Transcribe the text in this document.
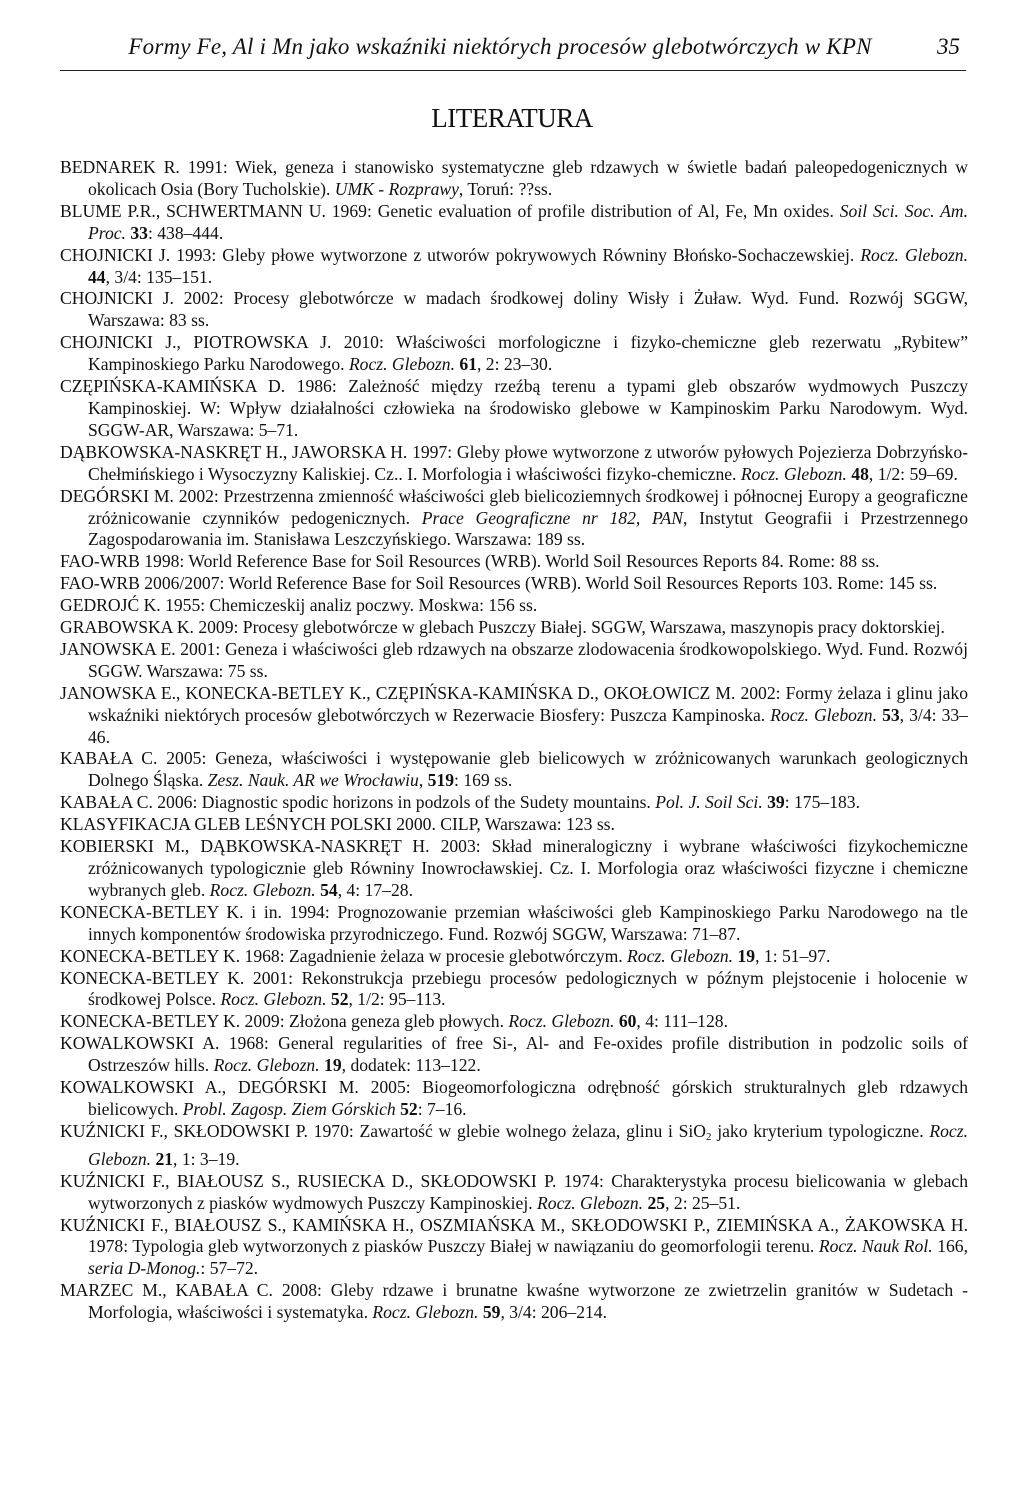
Formy Fe, Al i Mn jako wskaźniki niektórych procesów glebotwórczych w KPN	35
LITERATURA
BEDNAREK R. 1991: Wiek, geneza i stanowisko systematyczne gleb rdzawych w świetle badań paleopedogenicznych w okolicach Osia (Bory Tucholskie). UMK - Rozprawy, Toruń: ??ss.
BLUME P.R., SCHWERTMANN U. 1969: Genetic evaluation of profile distribution of Al, Fe, Mn oxides. Soil Sci. Soc. Am. Proc. 33: 438–444.
CHOJNICKI J. 1993: Gleby płowe wytworzone z utworów pokrywowych Równiny Błońsko-Sochaczewskiej. Rocz. Glebozn. 44, 3/4: 135–151.
CHOJNICKI J. 2002: Procesy glebotwórcze w madach środkowej doliny Wisły i Żuław. Wyd. Fund. Rozwój SGGW, Warszawa: 83 ss.
CHOJNICKI J., PIOTROWSKA J. 2010: Właściwości morfologiczne i fizyko-chemiczne gleb rezerwatu „Rybitew” Kampinoskiego Parku Narodowego. Rocz. Glebozn. 61, 2: 23–30.
CZĘPIŃSKA-KAMIŃSKA D. 1986: Zależność między rzeźbą terenu a typami gleb obszarów wydmowych Puszczy Kampinoskiej. W: Wpływ działalności człowieka na środowisko glebowe w Kampinoskim Parku Narodowym. Wyd. SGGW-AR, Warszawa: 5–71.
DĄBKOWSKA-NASKRĘT H., JAWORSKA H. 1997: Gleby płowe wytworzone z utworów pyłowych Pojezierza Dobrzyńsko-Chełmińskiego i Wysoczyzny Kaliskiej. Cz.. I. Morfologia i właściwości fizyko-chemiczne. Rocz. Glebozn. 48, 1/2: 59–69.
DEGÓRSKI M. 2002: Przestrzenna zmienność właściwości gleb bielicoziemnych środkowej i północnej Europy a geograficzne zróżnicowanie czynników pedogenicznych. Prace Geograficzne nr 182, PAN, Instytut Geografii i Przestrzennego Zagospodarowania im. Stanisława Leszczyńskiego. Warszawa: 189 ss.
FAO-WRB 1998: World Reference Base for Soil Resources (WRB). World Soil Resources Reports 84. Rome: 88 ss.
FAO-WRB 2006/2007: World Reference Base for Soil Resources (WRB). World Soil Resources Reports 103. Rome: 145 ss.
GEDROJĆ K. 1955: Chemiczeskij analiz poczwy. Moskwa: 156 ss.
GRABOWSKA K. 2009: Procesy glebotwórcze w glebach Puszczy Białej. SGGW, Warszawa, maszynopis pracy doktorskiej.
JANOWSKA E. 2001: Geneza i właściwości gleb rdzawych na obszarze zlodowacenia środkowopolskiego. Wyd. Fund. Rozwój SGGW. Warszawa: 75 ss.
JANOWSKA E., KONECKA-BETLEY K., CZĘPIŃSKA-KAMIŃSKA D., OKOŁOWICZ M. 2002: Formy żelaza i glinu jako wskaźniki niektórych procesów glebotwórczych w Rezerwacie Biosfery: Puszcza Kampinoska. Rocz. Glebozn. 53, 3/4: 33–46.
KABAŁA C. 2005: Geneza, właściwości i występowanie gleb bielicowych w zróżnicowanych warunkach geologicznych Dolnego Śląska. Zesz. Nauk. AR we Wrocławiu, 519: 169 ss.
KABAŁA C. 2006: Diagnostic spodic horizons in podzols of the Sudety mountains. Pol. J. Soil Sci. 39: 175–183.
KLASYFIKACJA GLEB LEŚNYCH POLSKI 2000. CILP, Warszawa: 123 ss.
KOBIERSKI M., DĄBKOWSKA-NASKRĘT H. 2003: Skład mineralogiczny i wybrane właściwości fizykochemiczne zróżnicowanych typologicznie gleb Równiny Inowrocławskiej. Cz. I. Morfologia oraz właściwości fizyczne i chemiczne wybranych gleb. Rocz. Glebozn. 54, 4: 17–28.
KONECKA-BETLEY K. i in. 1994: Prognozowanie przemian właściwości gleb Kampinoskiego Parku Narodowego na tle innych komponentów środowiska przyrodniczego. Fund. Rozwój SGGW, Warszawa: 71–87.
KONECKA-BETLEY K. 1968: Zagadnienie żelaza w procesie glebotwórczym. Rocz. Glebozn. 19, 1: 51–97.
KONECKA-BETLEY K. 2001: Rekonstrukcja przebiegu procesów pedologicznych w późnym plejstocenie i holocenie w środkowej Polsce. Rocz. Glebozn. 52, 1/2: 95–113.
KONECKA-BETLEY K. 2009: Złożona geneza gleb płowych. Rocz. Glebozn. 60, 4: 111–128.
KOWALKOWSKI A. 1968: General regularities of free Si-, Al- and Fe-oxides profile distribution in podzolic soils of Ostrzeszów hills. Rocz. Glebozn. 19, dodatek: 113–122.
KOWALKOWSKI A., DEGÓRSKI M. 2005: Biogeomorfologiczna odrębność górskich strukturalnych gleb rdzawych bielicowych. Probl. Zagosp. Ziem Górskich 52: 7–16.
KUŹNICKI F., SKŁODOWSKI P. 1970: Zawartość w glebie wolnego żelaza, glinu i SiO$_2$ jako kryterium typologiczne. Rocz. Glebozn. 21, 1: 3–19.
KUŹNICKI F., BIAŁOUSZ S., RUSIECKA D., SKŁODOWSKI P. 1974: Charakterystyka procesu bielicowania w glebach wytworzonych z piasków wydmowych Puszczy Kampinoskiej. Rocz. Glebozn. 25, 2: 25–51.
KUŹNICKI F., BIAŁOUSZ S., KAMIŃSKA H., OSZMIAŃSKA M., SKŁODOWSKI P., ZIEMIŃSKA A., ŻAKOWSKA H. 1978: Typologia gleb wytworzonych z piasków Puszczy Białej w nawiązaniu do geomorfologii terenu. Rocz. Nauk Rol. 166, seria D-Monog.: 57–72.
MARZEC M., KABAŁA C. 2008: Gleby rdzawe i brunatne kwaśne wytworzone ze zwietrzelin granitów w Sudetach - Morfologia, właściwości i systematyka. Rocz. Glebozn. 59, 3/4: 206–214.
